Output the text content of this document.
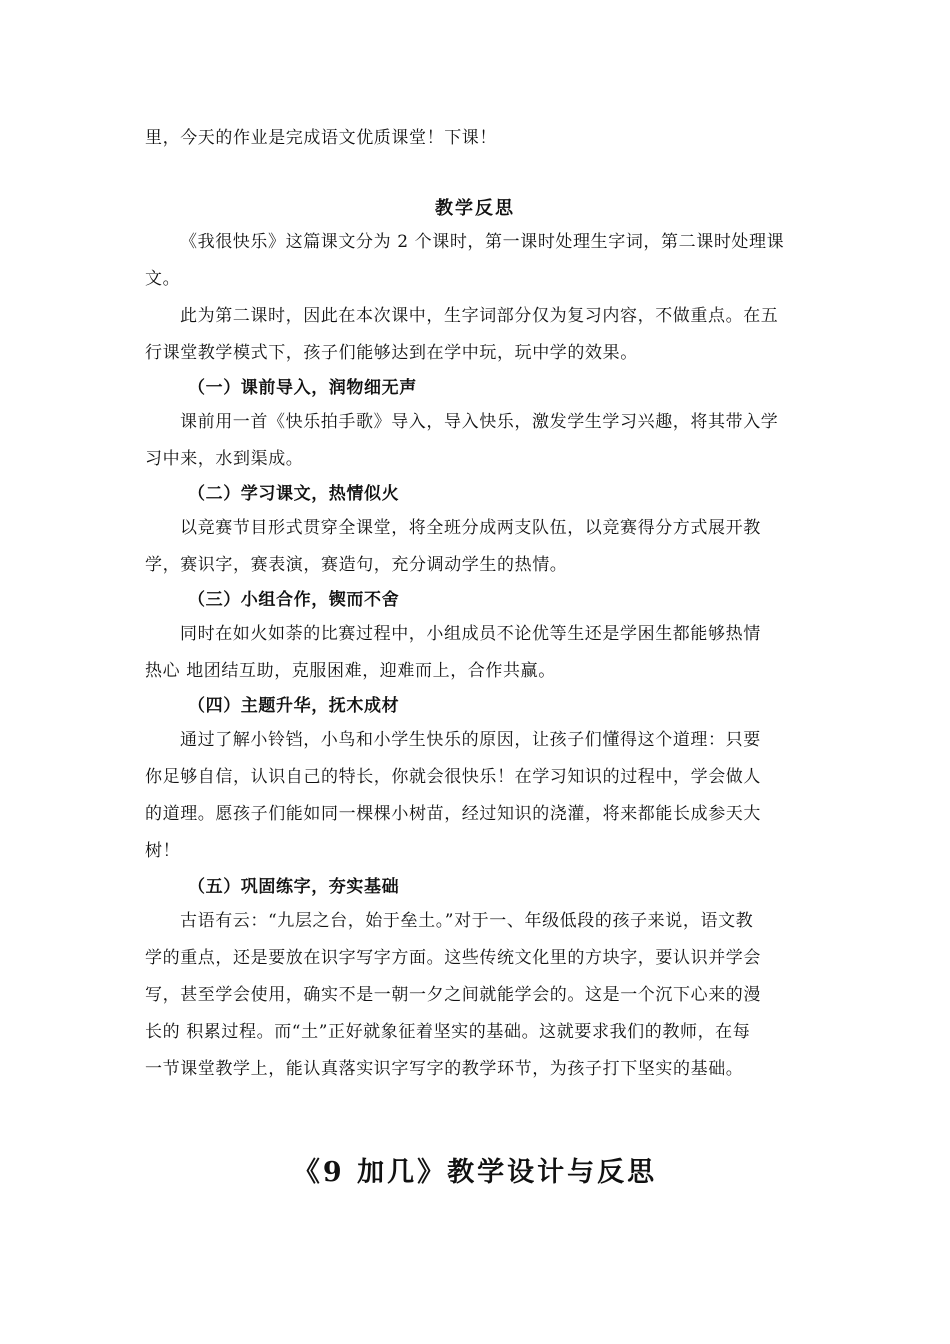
里，今天的作业是完成语文优质课堂！下课！
教学反思
《我很快乐》这篇课文分为 2 个课时，第一课时处理生字词，第二课时处理课
文。
此为第二课时，因此在本次课中，生字词部分仅为复习内容，不做重点。在五
行课堂教学模式下，孩子们能够达到在学中玩，玩中学的效果。
（一）课前导入，润物细无声
课前用一首《快乐拍手歌》导入，导入快乐，激发学生学习兴趣，将其带入学
习中来，水到渠成。
（二）学习课文，热情似火
以竞赛节目形式贯穿全课堂，将全班分成两支队伍，以竞赛得分方式展开教
学，赛识字，赛表演，赛造句，充分调动学生的热情。
（三）小组合作，锲而不舍
同时在如火如荼的比赛过程中，小组成员不论优等生还是学困生都能够热情
热心 地团结互助，克服困难，迎难而上，合作共赢。
（四）主题升华，抚木成材
通过了解小铃铛，小鸟和小学生快乐的原因，让孩子们懂得这个道理：只要
你足够自信，认识自己的特长，你就会很快乐！在学习知识的过程中，学会做人
的道理。愿孩子们能如同一棵棵小树苗，经过知识的浇灌，将来都能长成参天大
树！
（五）巩固练字，夯实基础
古语有云：“九层之台，始于垒土。”对于一、年级低段的孩子来说，语文教
学的重点，还是要放在识字写字方面。这些传统文化里的方块字，要认识并学会
写，甚至学会使用，确实不是一朝一夕之间就能学会的。这是一个沉下心来的漫
长的 积累过程。而“土”正好就象征着坚实的基础。这就要求我们的教师，在每
一节课堂教学上，能认真落实识字写字的教学环节，为孩子打下坚实的基础。
《9 加几》教学设计与反思
